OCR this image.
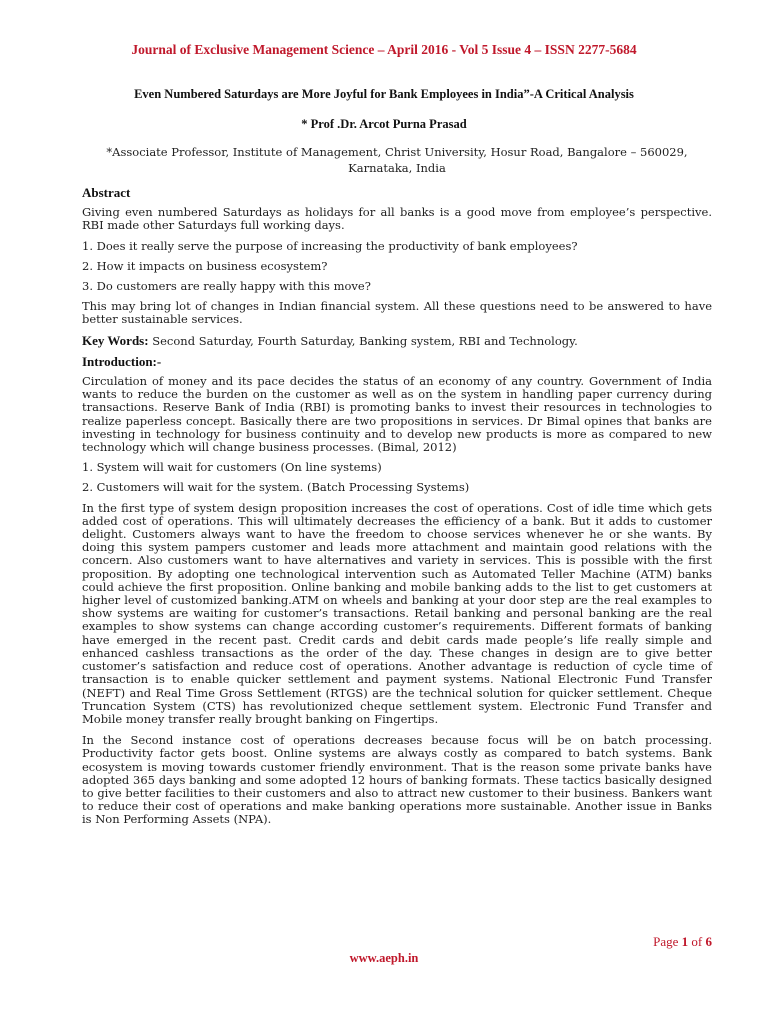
Journal of Exclusive Management Science – April 2016 - Vol 5 Issue 4 – ISSN 2277-5684
Even Numbered Saturdays are More Joyful for Bank Employees in India”-A Critical Analysis
* Prof .Dr. Arcot Purna Prasad
*Associate Professor, Institute of Management, Christ University, Hosur Road, Bangalore – 560029, Karnataka, India

Abstract

Giving even numbered Saturdays as holidays for all banks is a good move from employee’s perspective. RBI made other Saturdays full working days.

1. Does it really serve the purpose of increasing the productivity of bank employees?

2. How it impacts on business ecosystem?

3. Do customers are really happy with this move?

This may bring lot of changes in Indian financial system. All these questions need to be answered to have better sustainable services.

Key Words: Second Saturday, Fourth Saturday, Banking system, RBI and Technology.

Introduction:-

Circulation of money and its pace decides the status of an economy of any country. Government of India wants to reduce the burden on the customer as well as on the system in handling paper currency during transactions. Reserve Bank of India (RBI) is promoting banks to invest their resources in technologies to realize paperless concept. Basically there are two propositions in services. Dr Bimal opines that banks are investing in technology for business continuity and to develop new products is more as compared to new technology which will change business processes. (Bimal, 2012)

1. System will wait for customers (On line systems)

2. Customers will wait for the system. (Batch Processing Systems)

In the first type of system design proposition increases the cost of operations. Cost of idle time which gets added cost of operations. This will ultimately decreases the efficiency of a bank. But it adds to customer delight. Customers always want to have the freedom to choose services whenever he or she wants. By doing this system pampers customer and leads more attachment and maintain good relations with the concern. Also customers want to have alternatives and variety in services. This is possible with the first proposition. By adopting one technological intervention such as Automated Teller Machine (ATM) banks could achieve the first proposition. Online banking and mobile banking adds to the list to get customers at higher level of customized banking.ATM on wheels and banking at your door step are the real examples to show systems are waiting for customer’s transactions. Retail banking and personal banking are the real examples to show systems can change according customer’s requirements. Different formats of banking have emerged in the recent past. Credit cards and debit cards made people’s life really simple and enhanced cashless transactions as the order of the day. These changes in design are to give better customer’s satisfaction and reduce cost of operations. Another advantage is reduction of cycle time of transaction is to enable quicker settlement and payment systems. National Electronic Fund Transfer (NEFT) and Real Time Gross Settlement (RTGS) are the technical solution for quicker settlement. Cheque Truncation System (CTS) has revolutionized cheque settlement system. Electronic Fund Transfer and Mobile money transfer really brought banking on Fingertips.

In the Second instance cost of operations decreases because focus will be on batch processing. Productivity factor gets boost. Online systems are always costly as compared to batch systems. Bank ecosystem is moving towards customer friendly environment. That is the reason some private banks have adopted 365 days banking and some adopted 12 hours of banking formats. These tactics basically designed to give better facilities to their customers and also to attract new customer to their business. Bankers want to reduce their cost of operations and make banking operations more sustainable. Another issue in Banks is Non Performing Assets (NPA).

Page 1 of 6
www.aeph.in
